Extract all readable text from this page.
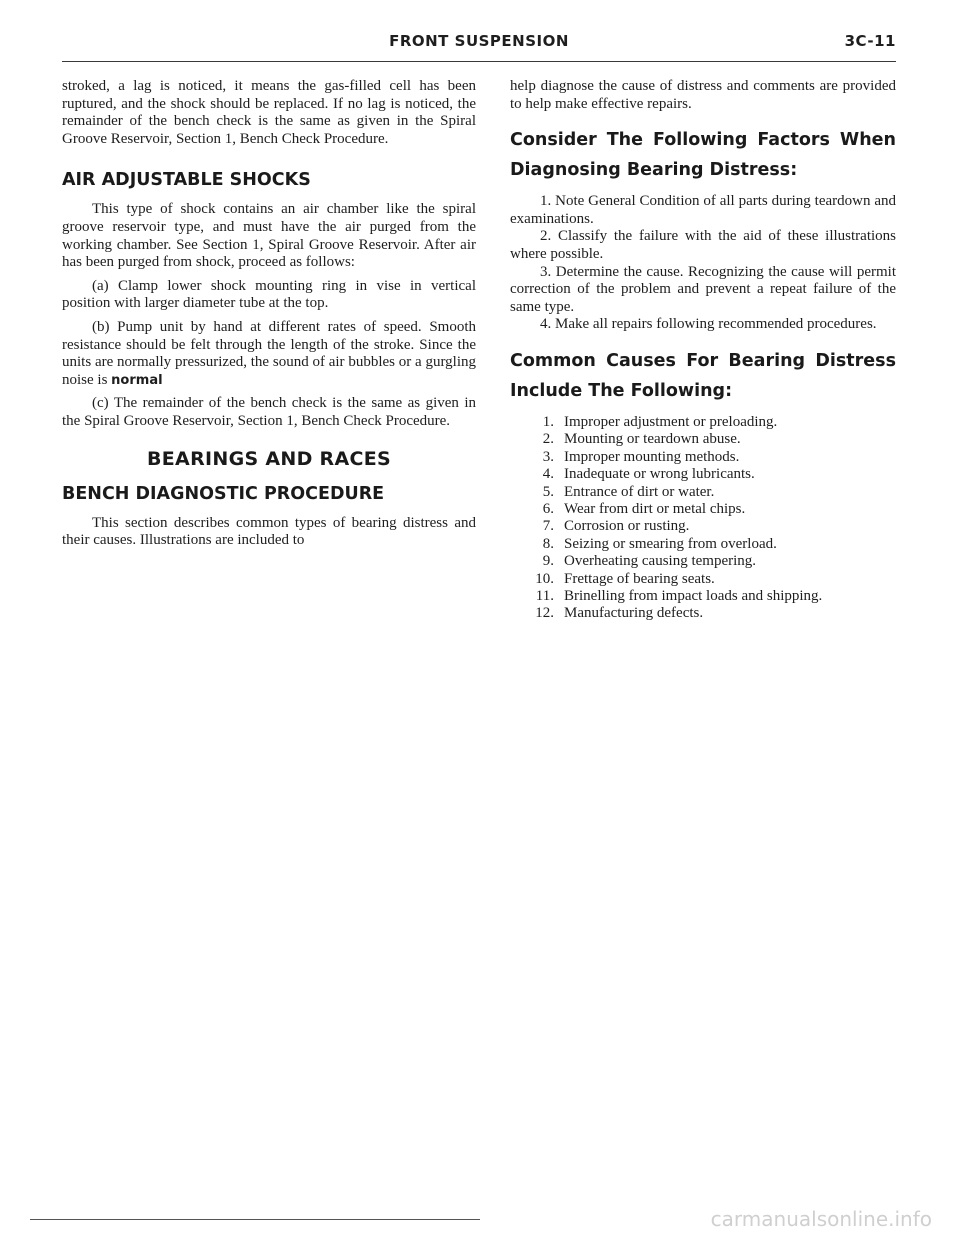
FRONT SUSPENSION	3C-11

stroked, a lag is noticed, it means the gas-filled cell has been ruptured, and the shock should be replaced. If no lag is noticed, the remainder of the bench check is the same as given in the Spiral Groove Reservoir, Section 1, Bench Check Procedure.

AIR ADJUSTABLE SHOCKS

This type of shock contains an air chamber like the spiral groove reservoir type, and must have the air purged from the working chamber. See Section 1, Spiral Groove Reservoir. After air has been purged from shock, proceed as follows:

(a) Clamp lower shock mounting ring in vise in vertical position with larger diameter tube at the top.

(b) Pump unit by hand at different rates of speed. Smooth resistance should be felt through the length of the stroke. Since the units are normally pressurized, the sound of air bubbles or a gurgling noise is normal

(c) The remainder of the bench check is the same as given in the Spiral Groove Reservoir, Section 1, Bench Check Procedure.

BEARINGS AND RACES
BENCH DIAGNOSTIC PROCEDURE

This section describes common types of bearing distress and their causes. Illustrations are included to

help diagnose the cause of distress and comments are provided to help make effective repairs.

Consider The Following Factors When Diagnosing Bearing Distress:

1. Note General Condition of all parts during teardown and examinations.

2. Classify the failure with the aid of these illustrations where possible.

3. Determine the cause. Recognizing the cause will permit correction of the problem and prevent a repeat failure of the same type.

4. Make all repairs following recommended procedures.

Common Causes For Bearing Distress Include The Following:
1. Improper adjustment or preloading.
2. Mounting or teardown abuse.
3. Improper mounting methods.
4. Inadequate or wrong lubricants.
5. Entrance of dirt or water.
6. Wear from dirt or metal chips.
7. Corrosion or rusting.
8. Seizing or smearing from overload.
9. Overheating causing tempering.
10. Frettage of bearing seats.
11. Brinelling from impact loads and shipping.
12. Manufacturing defects.
carmanualsonline.info
